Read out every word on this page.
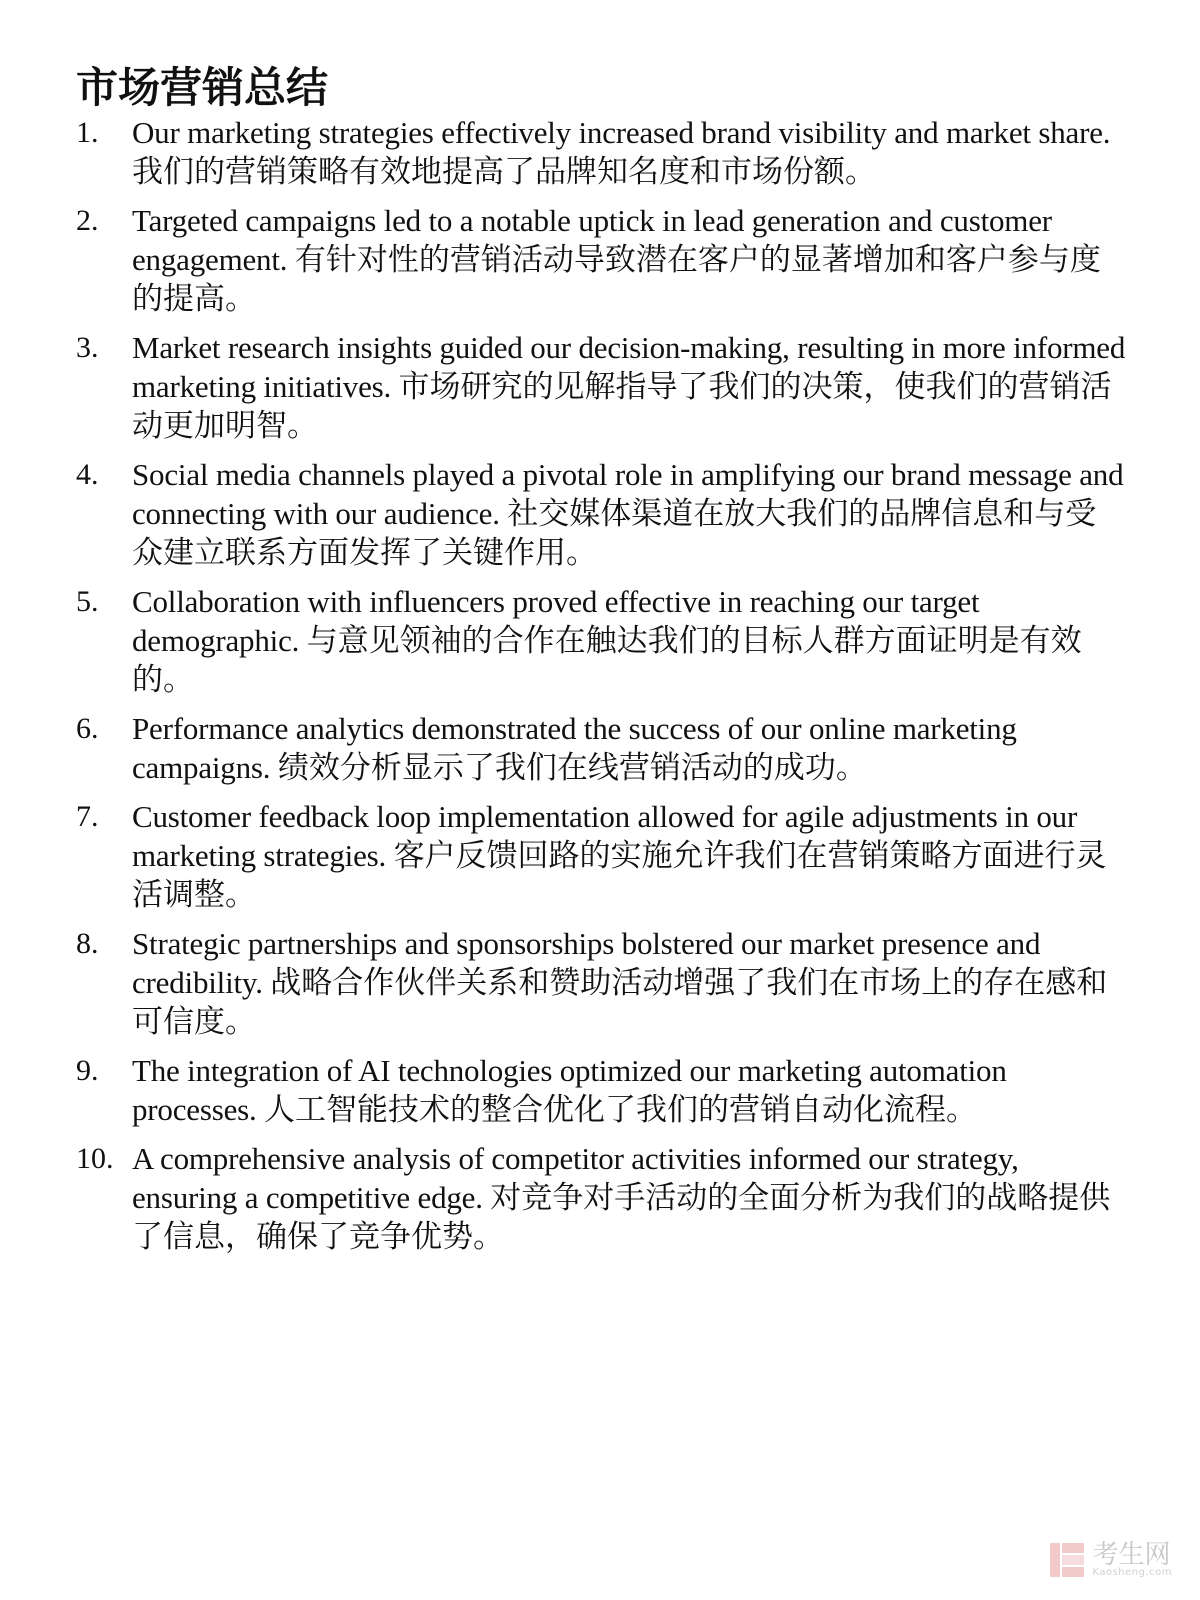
市场营销总结
1.	Our marketing strategies effectively increased brand visibility and market share. 我们的营销策略有效地提高了品牌知名度和市场份额。
2.	Targeted campaigns led to a notable uptick in lead generation and customer engagement. 有针对性的营销活动导致潜在客户的显著增加和客户参与度的提高。
3.	Market research insights guided our decision-making, resulting in more informed marketing initiatives. 市场研究的见解指导了我们的决策，使我们的营销活动更加明智。
4.	Social media channels played a pivotal role in amplifying our brand message and connecting with our audience. 社交媒体渠道在放大我们的品牌信息和与受众建立联系方面发挥了关键作用。
5.	Collaboration with influencers proved effective in reaching our target demographic. 与意见领袖的合作在触达我们的目标人群方面证明是有效的。
6.	Performance analytics demonstrated the success of our online marketing campaigns. 绩效分析显示了我们在线营销活动的成功。
7.	Customer feedback loop implementation allowed for agile adjustments in our marketing strategies. 客户反馈回路的实施允许我们在营销策略方面进行灵活调整。
8.	Strategic partnerships and sponsorships bolstered our market presence and credibility. 战略合作伙伴关系和赞助活动增强了我们在市场上的存在感和可信度。
9.	The integration of AI technologies optimized our marketing automation processes. 人工智能技术的整合优化了我们的营销自动化流程。
10. A comprehensive analysis of competitor activities informed our strategy, ensuring a competitive edge. 对竞争对手活动的全面分析为我们的战略提供了信息，确保了竞争优势。
考生网
Kaosheng.com
